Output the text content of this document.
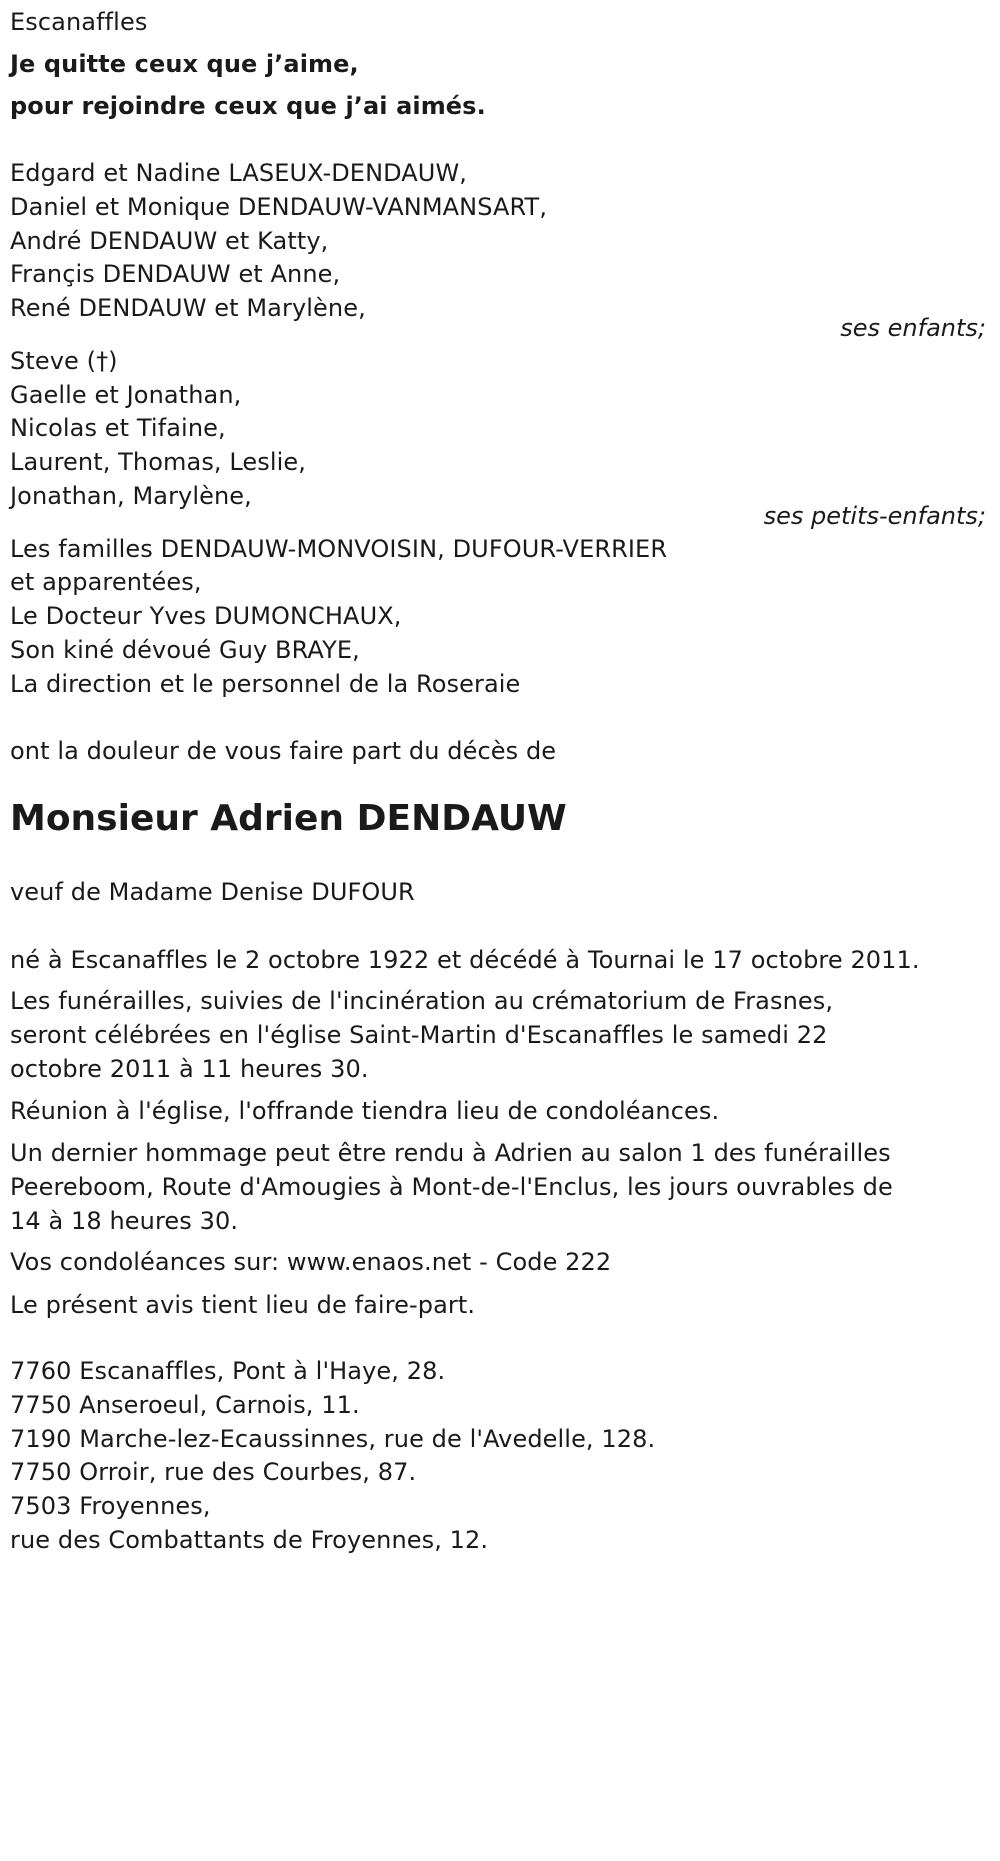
Escanaffles

Je quitte ceux que j’aime,

pour rejoindre ceux que j’ai aimés.

Edgard et Nadine LASEUX-DENDAUW,

Daniel et Monique DENDAUW-VANMANSART,

André DENDAUW et Katty,

Françis DENDAUW et Anne,

René DENDAUW et Marylène,

ses enfants;

Steve (†)

Gaelle et Jonathan,

Nicolas et Tifaine,

Laurent, Thomas, Leslie,

Jonathan, Marylène,

ses petits-enfants;

Les familles DENDAUW-MONVOISIN, DUFOUR-VERRIER

et apparentées,

Le Docteur Yves DUMONCHAUX,

Son kiné dévoué Guy BRAYE,

La direction et le personnel de la Roseraie

ont la douleur de vous faire part du décès de

Monsieur Adrien DENDAUW

veuf de Madame Denise DUFOUR

né à Escanaffles le 2 octobre 1922 et décédé à Tournai le 17 octobre 2011.

Les funérailles, suivies de l'incinération au crématorium de Frasnes,

seront célébrées en l'église Saint-Martin d'Escanaffles le samedi 22

octobre 2011 à 11 heures 30.

Réunion à l'église, l'offrande tiendra lieu de condoléances.

Un dernier hommage peut être rendu à Adrien au salon 1 des funérailles

Peereboom, Route d'Amougies à Mont-de-l'Enclus, les jours ouvrables de

14 à 18 heures 30.

Vos condoléances sur: www.enaos.net - Code 222

Le présent avis tient lieu de faire-part.

7760 Escanaffles, Pont à l'Haye, 28.

7750 Anseroeul, Carnois, 11.

7190 Marche-lez-Ecaussinnes, rue de l'Avedelle, 128.

7750 Orroir, rue des Courbes, 87.

7503 Froyennes,

rue des Combattants de Froyennes, 12.
